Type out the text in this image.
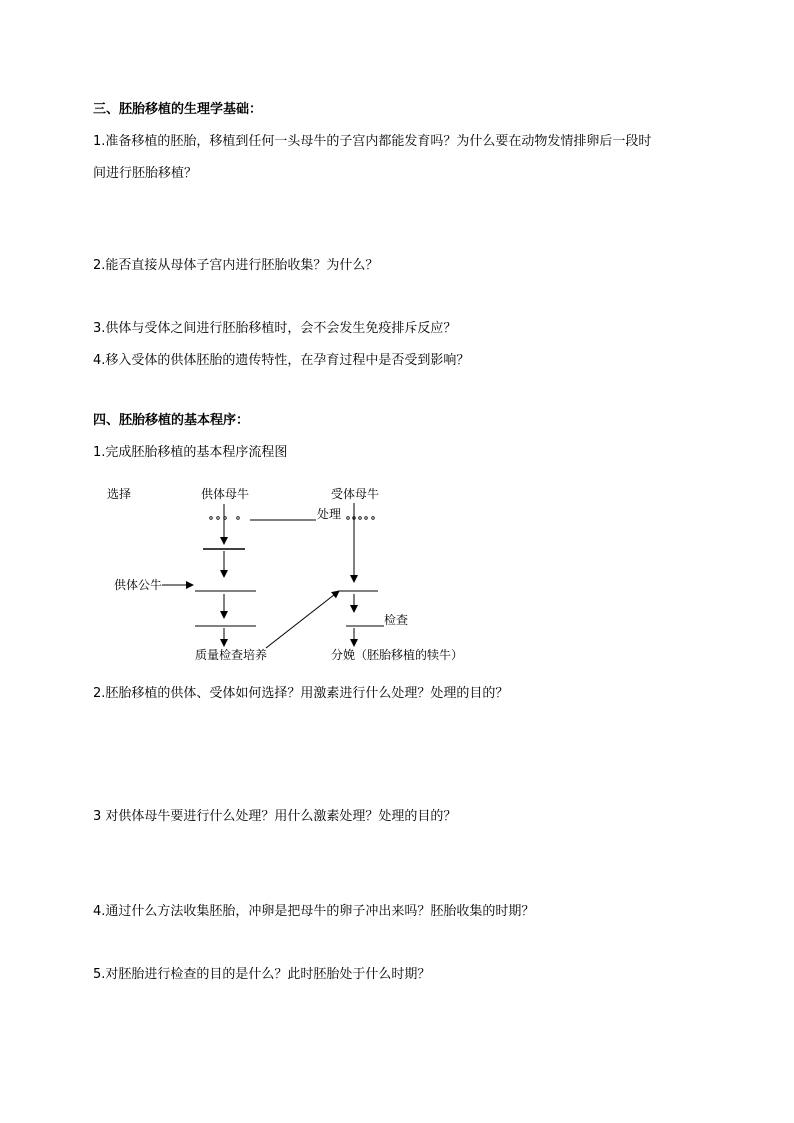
三、胚胎移植的生理学基础：
1.准备移植的胚胎，移植到任何一头母牛的子宫内都能发育吗？为什么要在动物发情排卵后一段时
间进行胚胎移植？
2.能否直接从母体子宫内进行胚胎收集？为什么？
3.供体与受体之间进行胚胎移植时，会不会发生免疫排斥反应？
4.移入受体的供体胚胎的遗传特性，在孕育过程中是否受到影响？
四、胚胎移植的基本程序：
1.完成胚胎移植的基本程序流程图
选择	供体母牛	受体母牛
处理
供体公牛
质量检查培养
检查
分娩（胚胎移植的犊牛）
2.胚胎移植的供体、受体如何选择？用激素进行什么处理？处理的目的？
3 对供体母牛要进行什么处理？用什么激素处理？处理的目的？
4.通过什么方法收集胚胎，冲卵是把母牛的卵子冲出来吗？胚胎收集的时期？
5.对胚胎进行检查的目的是什么？此时胚胎处于什么时期？
